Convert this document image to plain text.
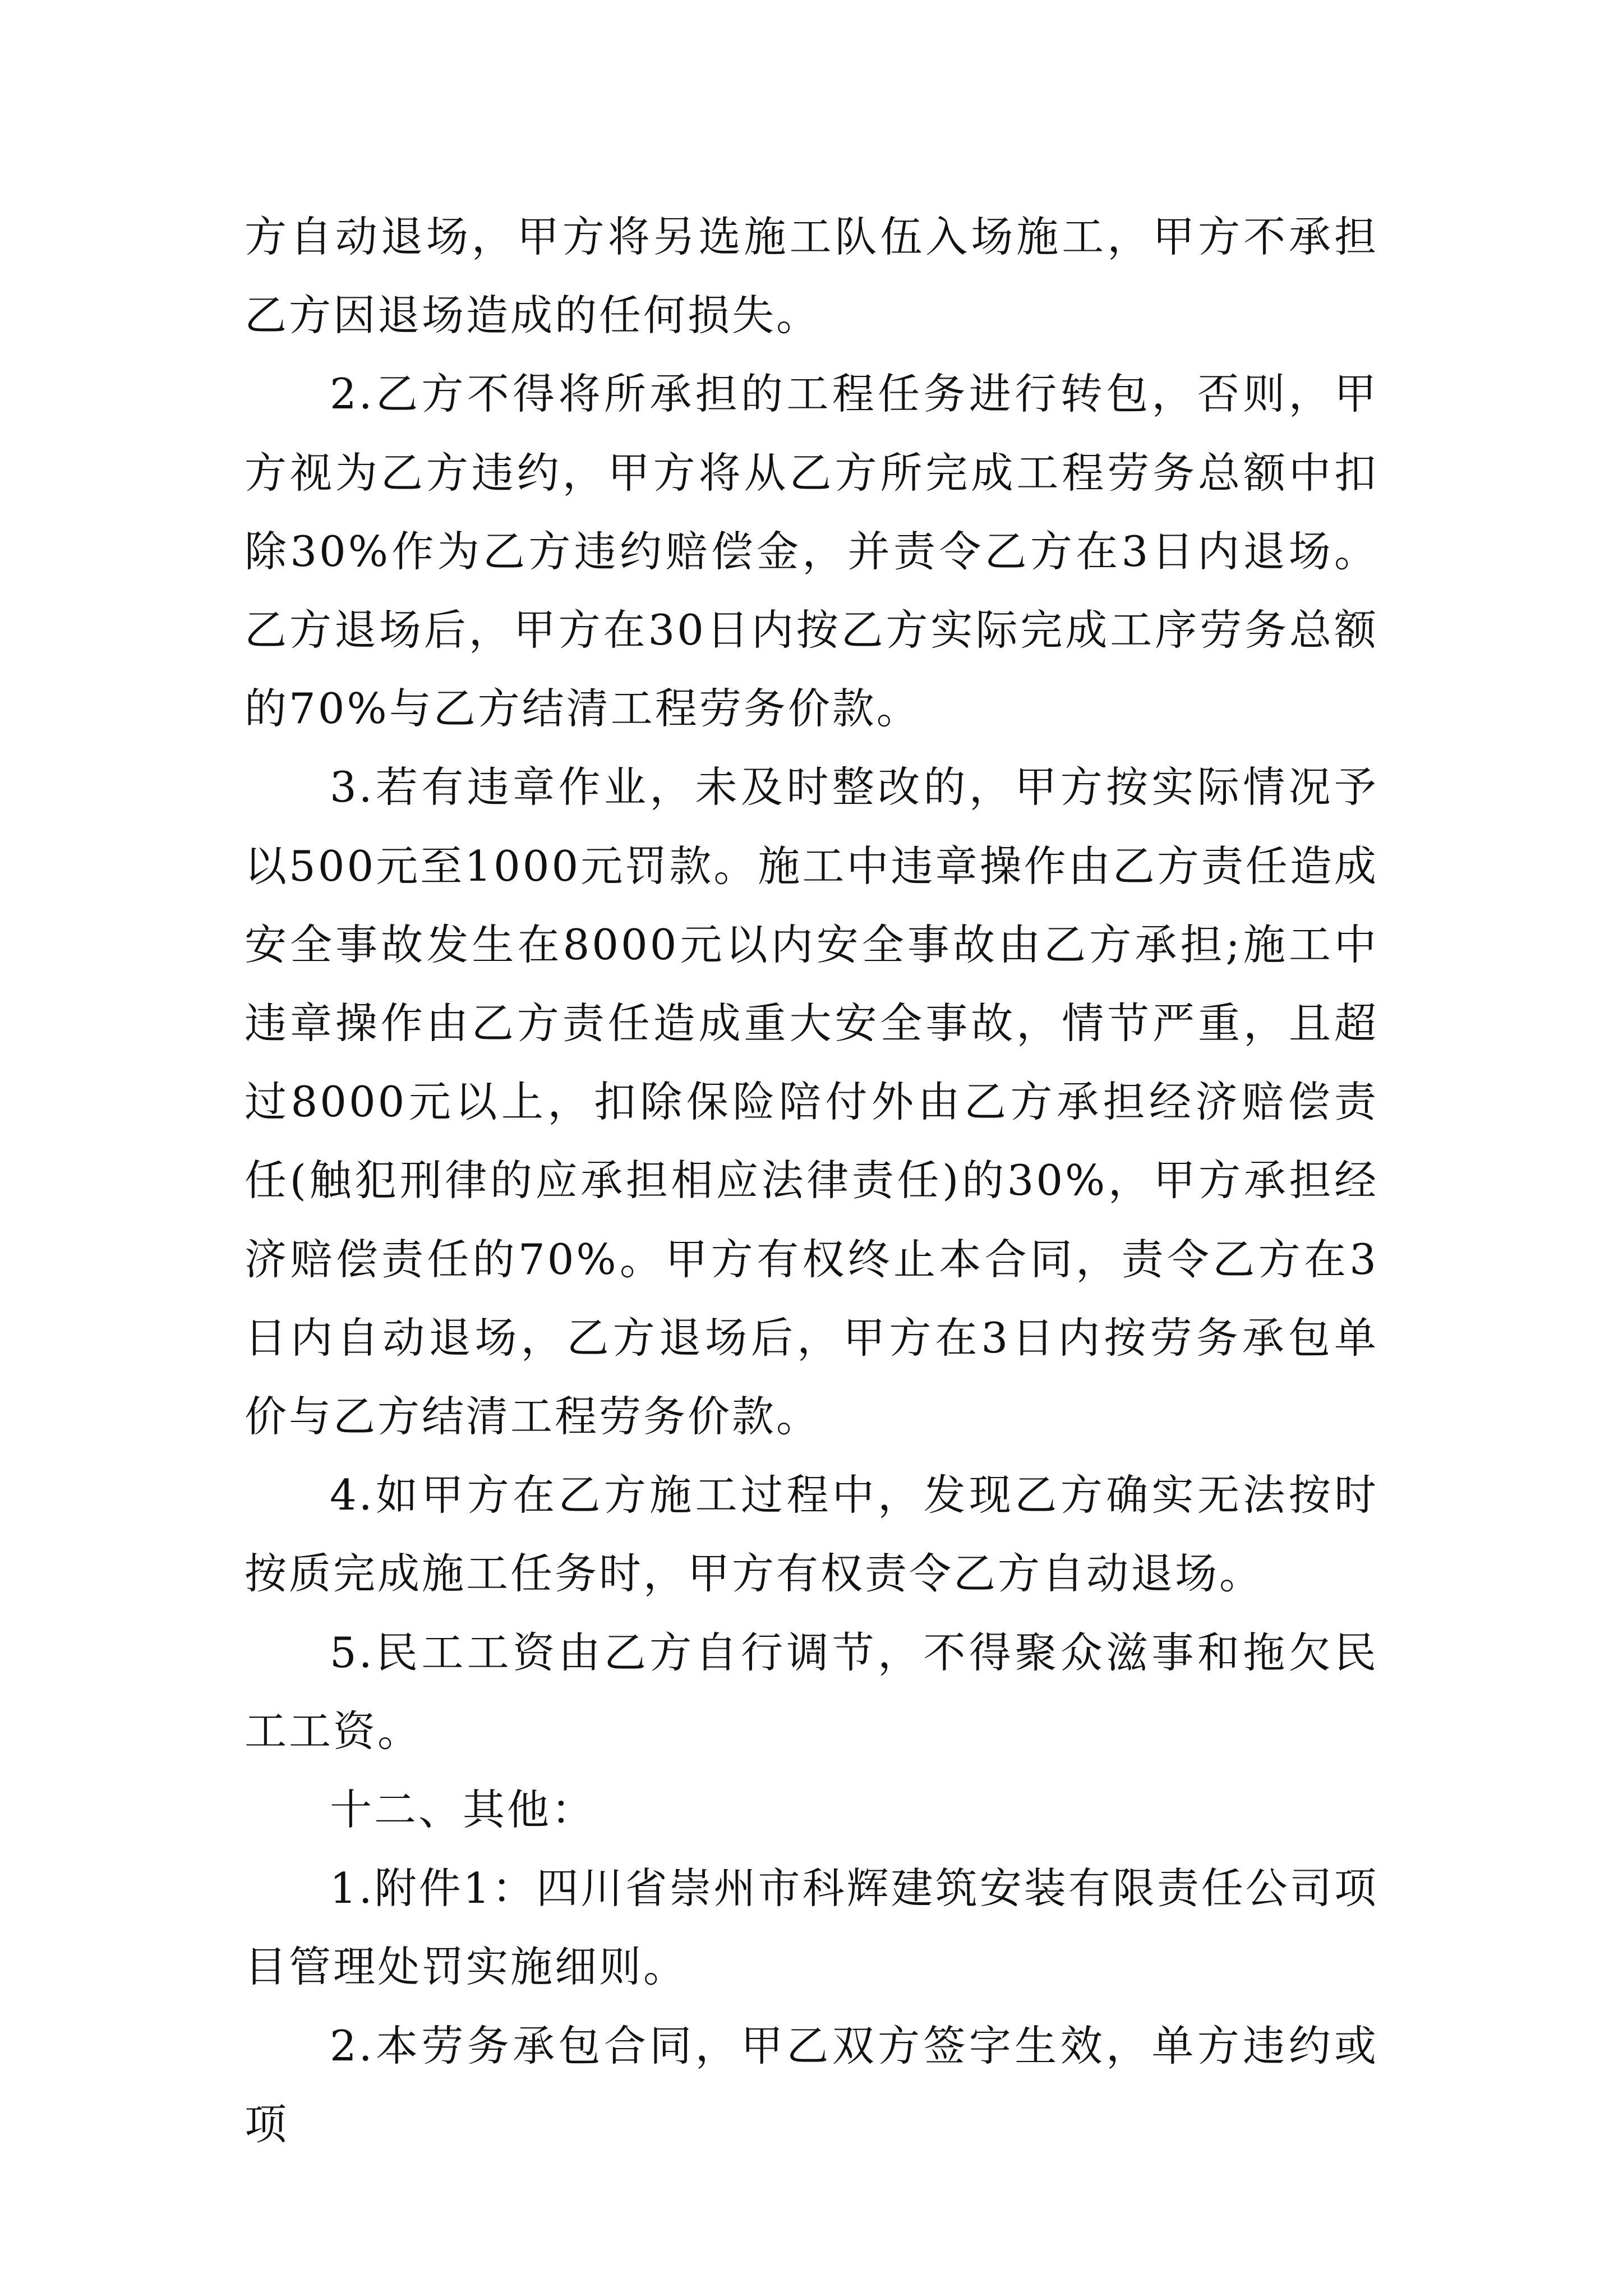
方自动退场，甲方将另选施工队伍入场施工，甲方不承担乙方因退场造成的任何损失。

2.乙方不得将所承担的工程任务进行转包，否则，甲方视为乙方违约，甲方将从乙方所完成工程劳务总额中扣除30%作为乙方违约赔偿金，并责令乙方在3日内退场。乙方退场后，甲方在30日内按乙方实际完成工序劳务总额的70%与乙方结清工程劳务价款。

3.若有违章作业，未及时整改的，甲方按实际情况予以500元至1000元罚款。施工中违章操作由乙方责任造成安全事故发生在8000元以内安全事故由乙方承担;施工中违章操作由乙方责任造成重大安全事故，情节严重，且超过8000元以上，扣除保险陪付外由乙方承担经济赔偿责任(触犯刑律的应承担相应法律责任)的30%，甲方承担经济赔偿责任的70%。甲方有权终止本合同，责令乙方在3日内自动退场，乙方退场后，甲方在3日内按劳务承包单价与乙方结清工程劳务价款。

4.如甲方在乙方施工过程中，发现乙方确实无法按时按质完成施工任务时，甲方有权责令乙方自动退场。

5.民工工资由乙方自行调节，不得聚众滋事和拖欠民工工资。

十二、其他：

1.附件1：四川省崇州市科辉建筑安装有限责任公司项目管理处罚实施细则。

2.本劳务承包合同，甲乙双方签字生效，单方违约或项
